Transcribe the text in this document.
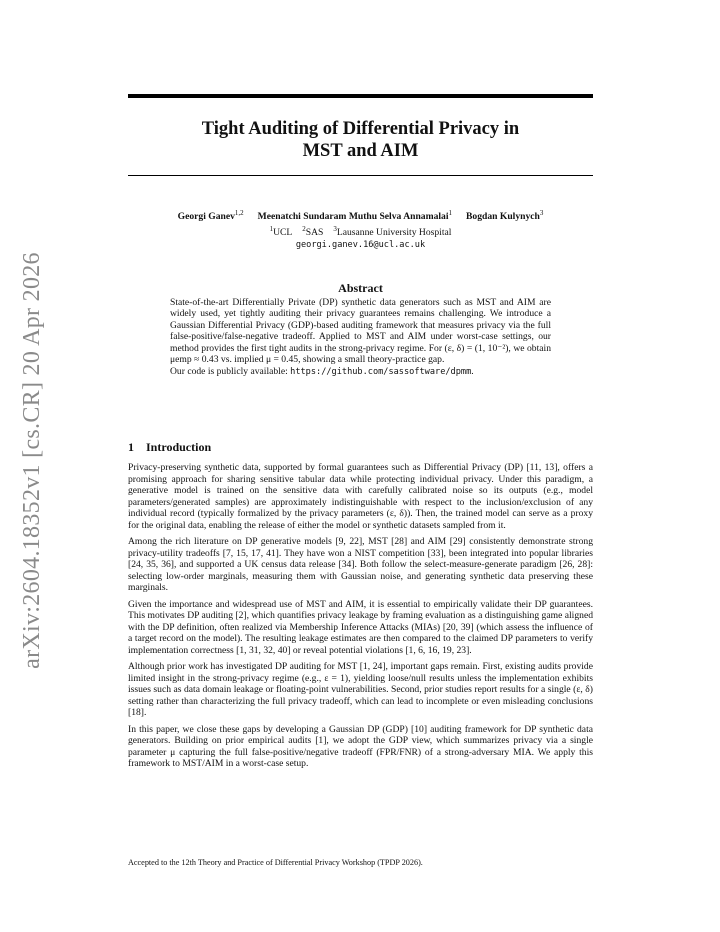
arXiv:2604.18352v1 [cs.CR] 20 Apr 2026
Tight Auditing of Differential Privacy in
MST and AIM
Georgi Ganev$^{1,2}$ Meenatchi Sundaram Muthu Selva Annamalai$^1$ Bogdan Kulynych$^3$
$^1$UCL $^2$SAS $^3$Lausanne University Hospital
georgi.ganev.16@ucl.ac.uk
Abstract

State-of-the-art Differentially Private (DP) synthetic data generators such as MST and AIM are widely used, yet tightly auditing their privacy guarantees remains challenging. We introduce a Gaussian Differential Privacy (GDP)-based auditing framework that measures privacy via the full false-positive/false-negative tradeoff. Applied to MST and AIM under worst-case settings, our method provides the first tight audits in the strong-privacy regime. For (ε, δ) = (1, 10⁻²), we obtain μemp ≈ 0.43 vs. implied μ = 0.45, showing a small theory-practice gap.

Our code is publicly available: https://github.com/sassoftware/dpmm.

1 Introduction

Privacy-preserving synthetic data, supported by formal guarantees such as Differential Privacy (DP) [11, 13], offers a promising approach for sharing sensitive tabular data while protecting individual privacy. Under this paradigm, a generative model is trained on the sensitive data with carefully calibrated noise so its outputs (e.g., model parameters/generated samples) are approximately indistinguishable with respect to the inclusion/exclusion of any individual record (typically formalized by the privacy parameters (ε, δ)). Then, the trained model can serve as a proxy for the original data, enabling the release of either the model or synthetic datasets sampled from it.

Among the rich literature on DP generative models [9, 22], MST [28] and AIM [29] consistently demonstrate strong privacy-utility tradeoffs [7, 15, 17, 41]. They have won a NIST competition [33], been integrated into popular libraries [24, 35, 36], and supported a UK census data release [34]. Both follow the select-measure-generate paradigm [26, 28]: selecting low-order marginals, measuring them with Gaussian noise, and generating synthetic data preserving these marginals.

Given the importance and widespread use of MST and AIM, it is essential to empirically validate their DP guarantees. This motivates DP auditing [2], which quantifies privacy leakage by framing evaluation as a distinguishing game aligned with the DP definition, often realized via Membership Inference Attacks (MIAs) [20, 39] (which assess the influence of a target record on the model). The resulting leakage estimates are then compared to the claimed DP parameters to verify implementation correctness [1, 31, 32, 40] or reveal potential violations [1, 6, 16, 19, 23].

Although prior work has investigated DP auditing for MST [1, 24], important gaps remain. First, existing audits provide limited insight in the strong-privacy regime (e.g., ε = 1), yielding loose/null results unless the implementation exhibits issues such as data domain leakage or floating-point vulnerabilities. Second, prior studies report results for a single (ε, δ) setting rather than characterizing the full privacy tradeoff, which can lead to incomplete or even misleading conclusions [18].

In this paper, we close these gaps by developing a Gaussian DP (GDP) [10] auditing framework for DP synthetic data generators. Building on prior empirical audits [1], we adopt the GDP view, which summarizes privacy via a single parameter μ capturing the full false-positive/negative tradeoff (FPR/FNR) of a strong-adversary MIA. We apply this framework to MST/AIM in a worst-case setup.

Accepted to the 12th Theory and Practice of Differential Privacy Workshop (TPDP 2026).
